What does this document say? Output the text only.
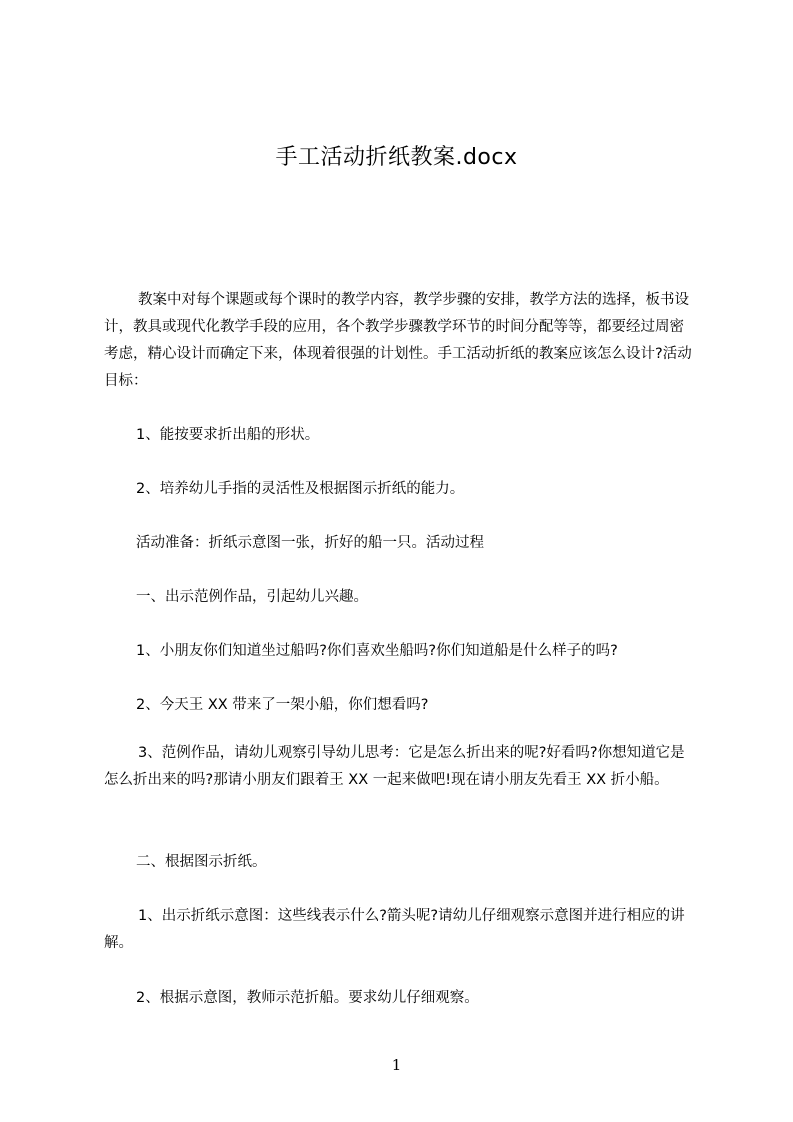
手工活动折纸教案.docx

教案中对每个课题或每个课时的教学内容，教学步骤的安排，教学方法的选择，板书设计，教具或现代化教学手段的应用，各个教学步骤教学环节的时间分配等等，都要经过周密考虑，精心设计而确定下来，体现着很强的计划性。手工活动折纸的教案应该怎么设计?活动目标：

1、能按要求折出船的形状。

2、培养幼儿手指的灵活性及根据图示折纸的能力。

活动准备：折纸示意图一张，折好的船一只。活动过程

一、出示范例作品，引起幼儿兴趣。

1、小朋友你们知道坐过船吗?你们喜欢坐船吗?你们知道船是什么样子的吗?

2、今天王 XX 带来了一架小船，你们想看吗?

3、范例作品，请幼儿观察引导幼儿思考：它是怎么折出来的呢?好看吗?你想知道它是怎么折出来的吗?那请小朋友们跟着王 XX 一起来做吧!现在请小朋友先看王 XX 折小船。

二、根据图示折纸。

1、出示折纸示意图：这些线表示什么?箭头呢?请幼儿仔细观察示意图并进行相应的讲解。

2、根据示意图，教师示范折船。要求幼儿仔细观察。

1
